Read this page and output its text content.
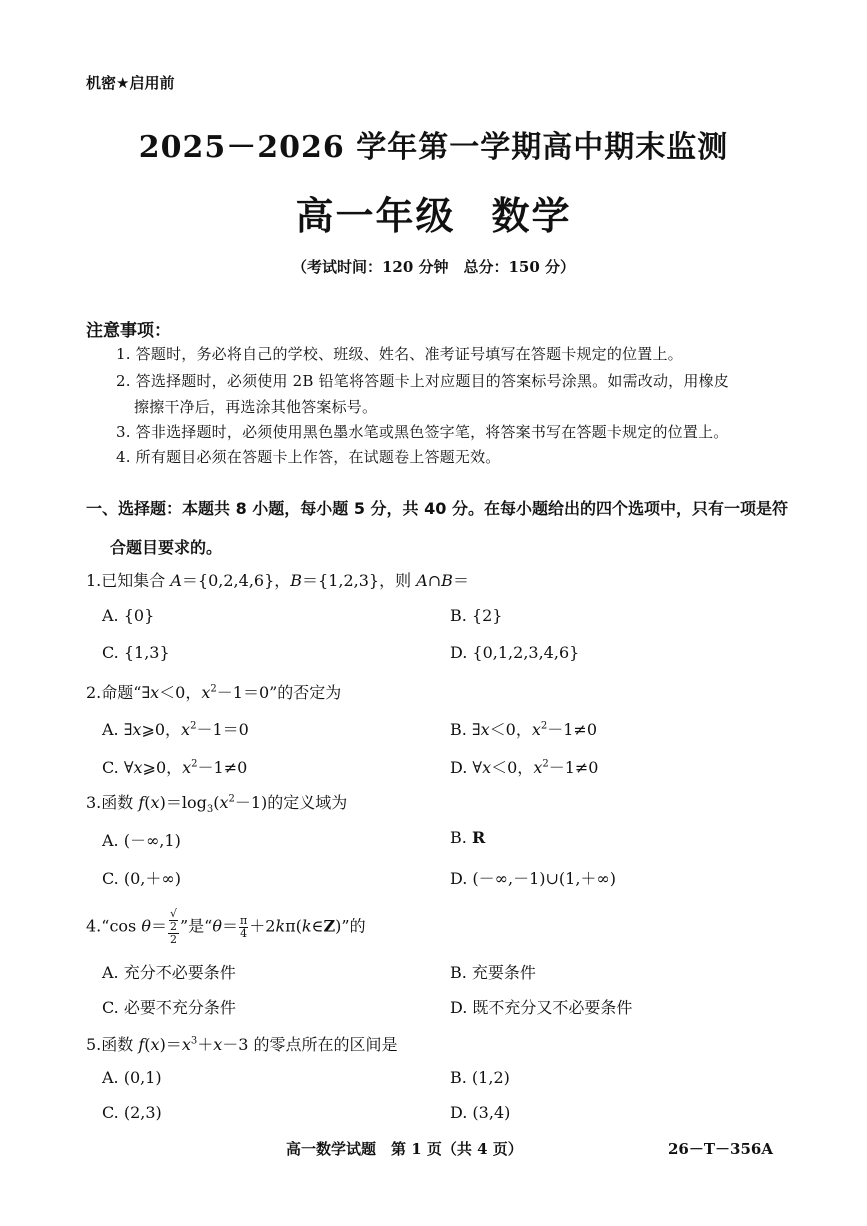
机密★启用前
2025－2026 学年第一学期高中期末监测
高一年级 数学
（考试时间：120 分钟　总分：150 分）
注意事项：
1. 答题时，务必将自己的学校、班级、姓名、准考证号填写在答题卡规定的位置上。
2. 答选择题时，必须使用 2B 铅笔将答题卡上对应题目的答案标号涂黑。如需改动，用橡皮
擦擦干净后，再选涂其他答案标号。
3. 答非选择题时，必须使用黑色墨水笔或黑色签字笔，将答案书写在答题卡规定的位置上。
4. 所有题目必须在答题卡上作答，在试题卷上答题无效。
一、选择题：本题共 8 小题，每小题 5 分，共 40 分。在每小题给出的四个选项中，只有一项是符
合题目要求的。
1.已知集合 A＝{0,2,4,6}，B＝{1,2,3}，则 A∩B＝
A. {0}	B. {2}
C. {1,3}	D. {0,1,2,3,4,6}
2.命题“∃x＜0，$x^2-1=0$”的否定为
A. ∃x⩾0，$x^2-1=0$	B. ∃x＜0，$x^2-1\ne 0$
C. ∀x⩾0，$x^2-1\ne 0$	D. ∀x＜0，$x^2-1\ne 0$
3.函数 $f(x)=\log_3(x^2-1)$的定义域为
A. (－∞,1)	B. R
C. (0,＋∞)	D. (－∞,－1)∪(1,＋∞)
4.“cos θ＝ √
2
2 ”是“$\theta= \frac{\pi}{4}$ ＋2kπ(k∈Z)”的
A. 充分不必要条件	B. 充要条件
C. 必要不充分条件	D. 既不充分又不必要条件
5.函数 $f(x)=x^3+x-3$ 的零点所在的区间是
A. (0,1)	B. (1,2)
C. (2,3)	D. (3,4)
高一数学试题　第 1 页（共 4 页）	26－T－356A
